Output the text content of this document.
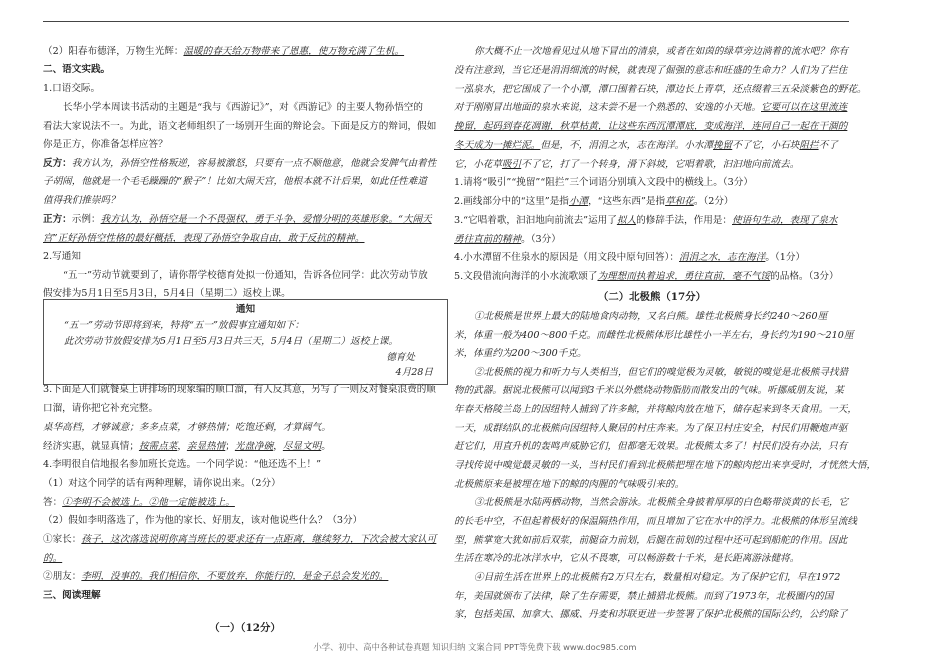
（2）阳春布德泽，万物生光辉：温暖的春天给万物带来了恩惠，使万物充满了生机。
二、语文实践。
1.口语交际。
长华小学本周读书活动的主题是“我与《西游记》”，对《西游记》的主要人物孙悟空的
看法大家说法不一。为此，语文老师组织了一场别开生面的辩论会。下面是反方的辩词，假如
你是正方，你准备怎样应答？
反方：我方认为，孙悟空性格叛逆，容易被激怒，只要有一点不顺他意，他就会发脾气由着性
子胡闹，他就是一个毛毛躁躁的“猴子”！比如大闹天宫，他根本就不计后果，如此任性难道
值得我们推崇吗？
正方：示例：我方认为，孙悟空是一个不畏强权、勇于斗争、爱憎分明的英雄形象。“大闹天
宫”正好孙悟空性格的最好概括，表现了孙悟空争取自由，敢于反抗的精神。
2.写通知
“五一”劳动节就要到了，请你帮学校德育处拟一份通知，告诉各位同学：此次劳动节放
假安排为5月1日至5月3日，5月4日（星期二）返校上课。
3.下面是人们就餐桌上讲排场的现象编的顺口溜，有人反其意，另写了一则反对餐桌浪费的顺
口溜，请你把它补充完整。
桌华高档，才够诚意；多多点菜，才够热情；吃饱还剩，才算阔气。
经济实惠，就显真情；按需点菜，亲显热情；光盘净碗，尽显文明。
4.李明很自信地报名参加班长竞选。一个同学说：“他还选不上！”
（1）对这个同学的话有两种理解，请你说出来。（2分）
答：①李明不会被选上。②他一定能被选上。
（2）假如李明落选了，作为他的家长、好朋友，该对他说些什么？（3分）
①家长：孩子，这次落选说明你离当班长的要求还有一点距离，继续努力，下次会被大家认可
的。
②朋友：李明，没事的。我们相信你，不要放弃，你能行的，是金子总会发光的。
三、阅读理解
（一）（12分）
通知
“五一”劳动节即将到来，特将“五一”放假事宜通知如下：
此次劳动节放假安排为5月1日至5月3日共三天，5月4日（星期二）返校上课。
德育处
4月28日
你大概不止一次地看见过从地下冒出的清泉，或者在如茵的绿草旁边淌着的流水吧？你有
没有注意到，当它还是涓涓细流的时候，就表现了倔强的意志和旺盛的生命力？人们为了拦住
一泓泉水，把它围成了一个小潭，潭口围着石块，潭边长上青草，还点缀着三五朵淡紫色的野花。
对于刚刚冒出地面的泉水来说，这未尝不是一个熟悉的、安逸的小天地。它要可以在这里流连
挽留，起码到春花凋谢，秋草枯黄，让这些东西沉潭潭底，变成海洋，连同自己一起在干涸的
冬天成为一摊烂泥。但是，不，涓涓之水，志在海洋。小水潭挽留不了它，小石块阻拦不了
它，小花草吸引不了它，打了一个转身，滑下斜坡，它唱着歌，汩汩地向前流去。
1.请将“吸引”“挽留”“阻拦”三个词语分别填入文段中的横线上。（3分）
2.画线部分中的“这里”是指小潭，“这些东西”是指草和花。（2分）
3.“它唱着歌，汩汩地向前流去”运用了拟人的修辞手法，作用是：使语句生动，表现了泉水
勇往直前的精神。（3分）
4.小水潭留不住泉水的原因是（用文段中原句回答）：涓涓之水，志在海洋。（1分）
5.文段借流向海洋的小水流歌颂了为理想而执着追求，勇往直前，毫不气馁的品格。（3分）
（二）北极熊（17分）
①北极熊是世界上最大的陆地食肉动物，又名白熊。雄性北极熊身长约240～260厘
米，体重一般为400～800千克。而雌性北极熊体形比雄性小一半左右，身长约为190～210厘
米，体重约为200～300千克。
②北极熊的视力和听力与人类相当，但它们的嗅觉极为灵敏，敏锐的嗅觉是北极熊寻找猎
物的武器。据说北极熊可以闻到3千米以外燃烧动物脂肪而散发出的气味。听挪威朋友说，某
年春天格陵兰岛上的因纽特人捕到了许多鲸，并将鲸肉放在地下，储存起来到冬天食用。一天，
一天，成群结队的北极熊向因纽特人聚居的村庄奔来。为了保卫村庄安全，村民们用鞭炮声驱
赶它们，用直升机的轰鸣声威胁它们，但都毫无效果。北极熊太多了！村民们没有办法，只有
寻找传说中嗅觉最灵敏的一头，当村民们看到北极熊把埋在地下的鲸肉挖出来享受时，才恍然大悟，
北极熊原来是被埋在地下的鲸的肉腥的气味吸引来的。
③北极熊是水陆两栖动物，当然会游泳。北极熊全身披着厚厚的白色略带淡黄的长毛，它
的长毛中空，不但起着极好的保温隔热作用，而且增加了它在水中的浮力。北极熊的体形呈流线
型，熊掌宽大犹如前后双浆，前腿奋力前划，后腿在前划的过程中还可起到船舵的作用。因此
生活在寒冷的北冰洋水中，它从不畏寒，可以畅游数十千米，是长距离游泳健将。
④目前生活在世界上的北极熊有2万只左右，数量相对稳定。为了保护它们，早在1972
年，美国就颁布了法律，除了生存需要，禁止捕猎北极熊。而到了1973年，北极圈内的国
家，包括美国、加拿大、挪威、丹麦和苏联更进一步签署了保护北极熊的国际公约，公约除了
小学、初中、高中各种试卷真题 知识归纳 文案合同 PPT等免费下载 www.doc985.com
